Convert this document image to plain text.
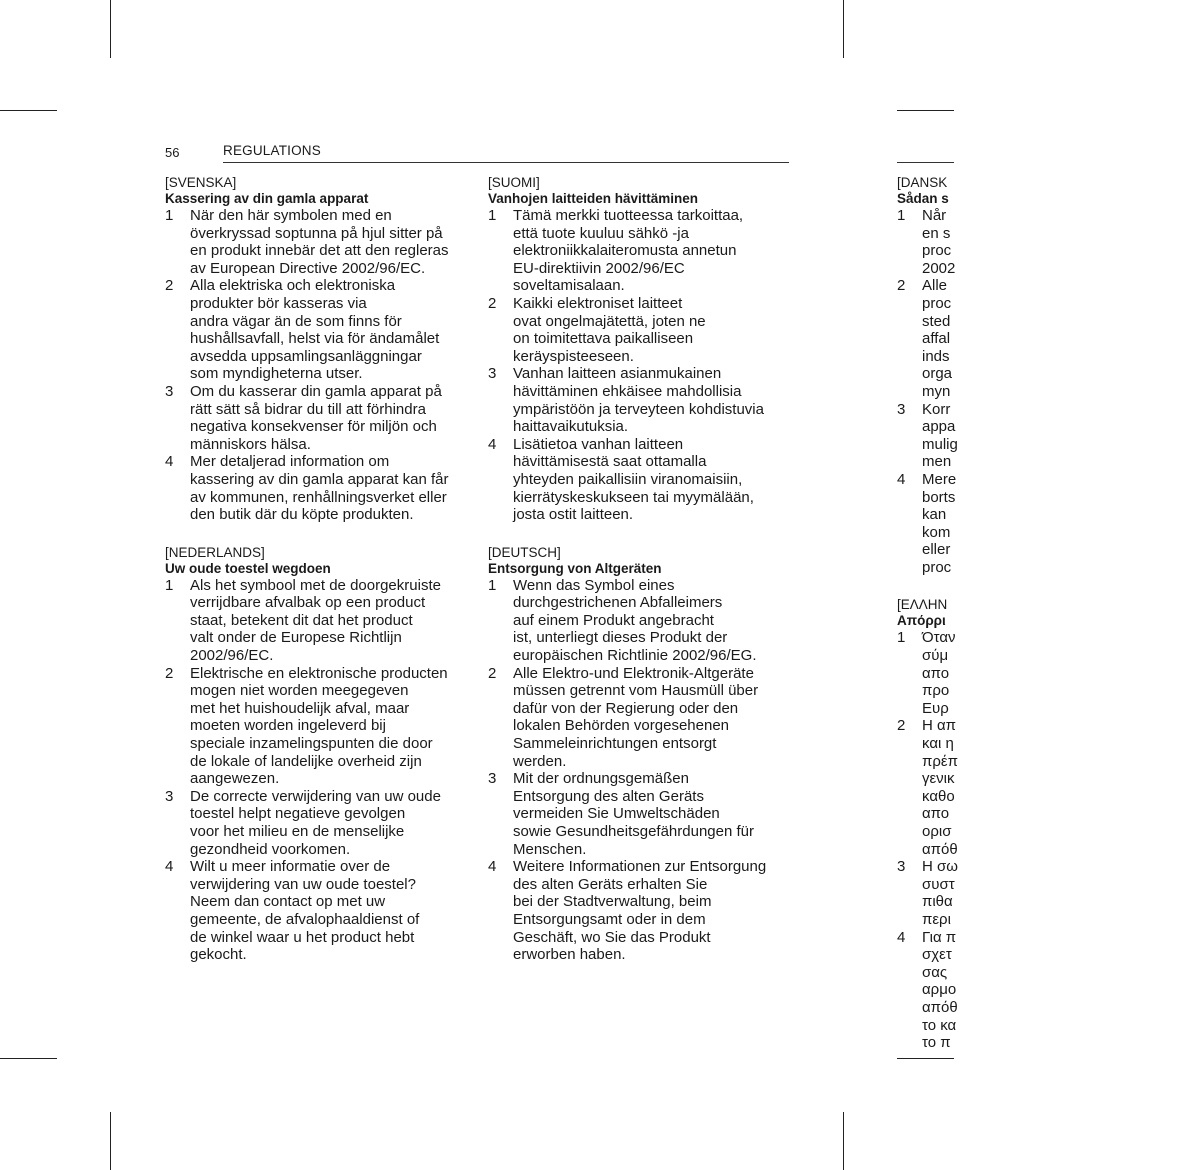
56	REGULATIONS
[SVENSKA]
Kassering av din gamla apparat
1 När den här symbolen med en
överkryssad soptunna på hjul sitter på
en produkt innebär det att den regleras
av European Directive 2002/96/EC.
2 Alla elektriska och elektroniska
produkter bör kasseras via
andra vägar än de som finns för
hushållsavfall, helst via för ändamålet
avsedda uppsamlingsanläggningar
som myndigheterna utser.
3 Om du kasserar din gamla apparat på
rätt sätt så bidrar du till att förhindra
negativa konsekvenser för miljön och
människors hälsa.
4 Mer detaljerad information om
kassering av din gamla apparat kan får
av kommunen, renhållningsverket eller
den butik där du köpte produkten.
[NEDERLANDS]
Uw oude toestel wegdoen
1 Als het symbool met de doorgekruiste
verrijdbare afvalbak op een product
staat, betekent dit dat het product
valt onder de Europese Richtlijn
2002/96/EC.
2 Elektrische en elektronische producten
mogen niet worden meegegeven
met het huishoudelijk afval, maar
moeten worden ingeleverd bij
speciale inzamelingspunten die door
de lokale of landelijke overheid zijn
aangewezen.
3 De correcte verwijdering van uw oude
toestel helpt negatieve gevolgen
voor het milieu en de menselijke
gezondheid voorkomen.
4 Wilt u meer informatie over de
verwijdering van uw oude toestel?
Neem dan contact op met uw
gemeente, de afvalophaaldienst of
de winkel waar u het product hebt
gekocht.
[SUOMI]
Vanhojen laitteiden hävittäminen
1 Tämä merkki tuotteessa tarkoittaa,
että tuote kuuluu sähkö -ja
elektroniikkalaiteromusta annetun
EU-direktiivin 2002/96/EC
soveltamisalaan.
2 Kaikki elektroniset laitteet
ovat ongelmajätettä, joten ne
on toimitettava paikalliseen
keräyspisteeseen.
3 Vanhan laitteen asianmukainen
hävittäminen ehkäisee mahdollisia
ympäristöön ja terveyteen kohdistuvia
haittavaikutuksia.
4 Lisätietoa vanhan laitteen
hävittämisestä saat ottamalla
yhteyden paikallisiin viranomaisiin,
kierrätyskeskukseen tai myymälään,
josta ostit laitteen.
[DEUTSCH]
Entsorgung von Altgeräten
1 Wenn das Symbol eines
durchgestrichenen Abfalleimers
auf einem Produkt angebracht
ist, unterliegt dieses Produkt der
europäischen Richtlinie 2002/96/EG.
2 Alle Elektro-und Elektronik-Altgeräte
müssen getrennt vom Hausmüll über
dafür von der Regierung oder den
lokalen Behörden vorgesehenen
Sammeleinrichtungen entsorgt
werden.
3 Mit der ordnungsgemäßen
Entsorgung des alten Geräts
vermeiden Sie Umweltschäden
sowie Gesundheitsgefährdungen für
Menschen.
4 Weitere Informationen zur Entsorgung
des alten Geräts erhalten Sie
bei der Stadtverwaltung, beim
Entsorgungsamt oder in dem
Geschäft, wo Sie das Produkt
erworben haben.
[DANSK
Sådan s
1 Når
en s
proc
2002
2 Alle
proc
sted
affal
inds
orga
myn
3 Korr
appa
mulig
men
4 Mere
borts
kan
kom
eller
proc
[ΕΛΛΗΝ
Απόρρι
1 Όταν
σύμ
απο
προ
Ευρ
2 Η απ
και η
πρέπ
γενικ
καθο
απο
ορισ
απόθ
3 Η σω
συστ
πιθα
περι
4 Για π
σχετ
σας
αρμο
απόθ
το κα
το π
